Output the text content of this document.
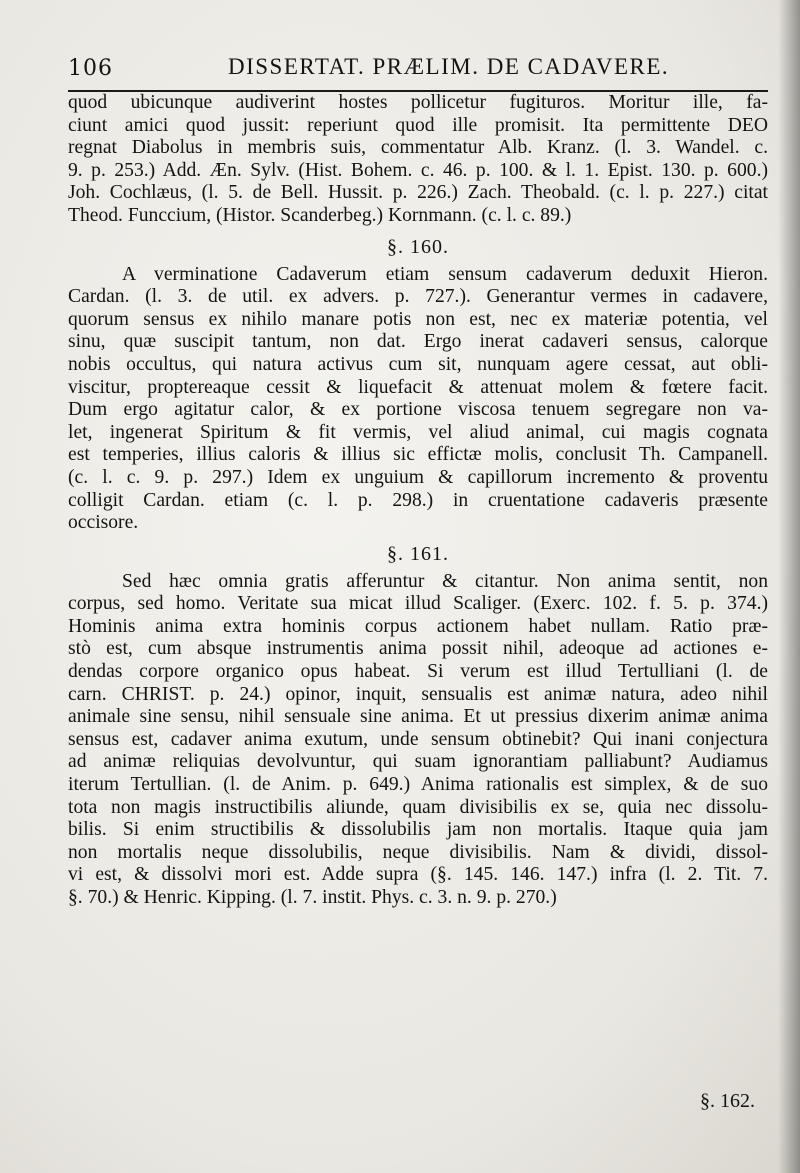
106	DISSERTAT. PRÆLIM. DE CADAVERE.
quod ubicunque audiverint hostes pollicetur fugituros. Moritur ille, fa-
ciunt amici quod jussit: reperiunt quod ille promisit. Ita permittente DEO
regnat Diabolus in membris suis, commentatur Alb. Kranz. (l. 3. Wandel. c.
9. p. 253.) Add. Æn. Sylv. (Hist. Bohem. c. 46. p. 100. & l. 1. Epist. 130. p. 600.)
Joh. Cochlæus, (l. 5. de Bell. Hussit. p. 226.) Zach. Theobald. (c. l. p. 227.) citat
Theod. Funccium, (Histor. Scanderbeg.) Kornmann. (c. l. c. 89.)
§. 160.
A verminatione Cadaverum etiam sensum cadaverum deduxit Hieron.
Cardan. (l. 3. de util. ex advers. p. 727.). Generantur vermes in cadavere,
quorum sensus ex nihilo manare potis non est, nec ex materiæ potentia, vel
sinu, quæ suscipit tantum, non dat. Ergo inerat cadaveri sensus, calorque
nobis occultus, qui natura activus cum sit, nunquam agere cessat, aut obli-
viscitur, proptereaque cessit & liquefacit & attenuat molem & fœtere facit.
Dum ergo agitatur calor, & ex portione viscosa tenuem segregare non va-
let, ingenerat Spiritum & fit vermis, vel aliud animal, cui magis cognata
est temperies, illius caloris & illius sic effictæ molis, conclusit Th. Campanell.
(c. l. c. 9. p. 297.) Idem ex unguium & capillorum incremento & proventu
colligit Cardan. etiam (c. l. p. 298.) in cruentatione cadaveris præsente
occisore.
§. 161.
Sed hæc omnia gratis afferuntur & citantur. Non anima sentit, non
corpus, sed homo. Veritate sua micat illud Scaliger. (Exerc. 102. f. 5. p. 374.)
Hominis anima extra hominis corpus actionem habet nullam. Ratio præ-
stò est, cum absque instrumentis anima possit nihil, adeoque ad actiones e-
dendas corpore organico opus habeat. Si verum est illud Tertulliani (l. de
carn. CHRIST. p. 24.) opinor, inquit, sensualis est animæ natura, adeo nihil
animale sine sensu, nihil sensuale sine anima. Et ut pressius dixerim animæ anima
sensus est, cadaver anima exutum, unde sensum obtinebit? Qui inani conjectura
ad animæ reliquias devolvuntur, qui suam ignorantiam palliabunt? Audiamus
iterum Tertullian. (l. de Anim. p. 649.) Anima rationalis est simplex, & de suo
tota non magis instructibilis aliunde, quam divisibilis ex se, quia nec dissolu-
bilis. Si enim structibilis & dissolubilis jam non mortalis. Itaque quia jam
non mortalis neque dissolubilis, neque divisibilis. Nam & dividi, dissol-
vi est, & dissolvi mori est. Adde supra (§. 145. 146. 147.) infra (l. 2. Tit. 7.
§. 70.) & Henric. Kipping. (l. 7. instit. Phys. c. 3. n. 9. p. 270.)
§. 162.
